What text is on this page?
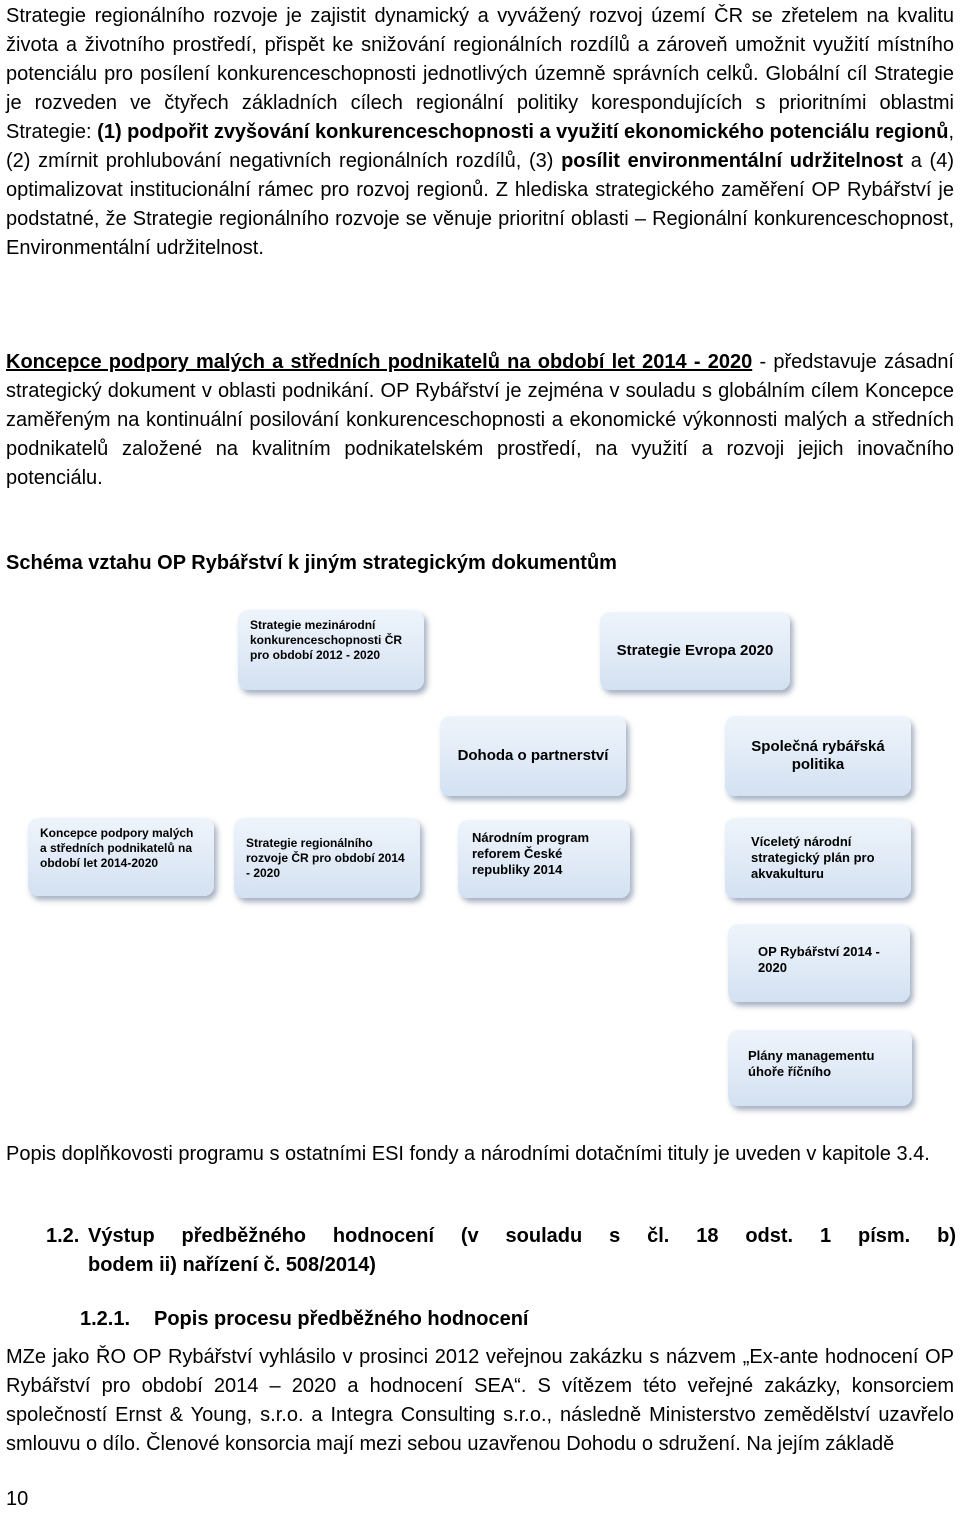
Strategie regionálního rozvoje je zajistit dynamický a vyvážený rozvoj území ČR se zřetelem na kvalitu života a životního prostředí, přispět ke snižování regionálních rozdílů a zároveň umožnit využití místního potenciálu pro posílení konkurenceschopnosti jednotlivých územně správních celků. Globální cíl Strategie je rozveden ve čtyřech základních cílech regionální politiky korespondujících s prioritními oblastmi Strategie: (1) podpořit zvyšování konkurenceschopnosti a využití ekonomického potenciálu regionů, (2) zmírnit prohlubování negativních regionálních rozdílů, (3) posílit environmentální udržitelnost a (4) optimalizovat institucionální rámec pro rozvoj regionů. Z hlediska strategického zaměření OP Rybářství je podstatné, že Strategie regionálního rozvoje se věnuje prioritní oblasti – Regionální konkurenceschopnost, Environmentální udržitelnost.

Koncepce podpory malých a středních podnikatelů na období let 2014 - 2020 - představuje zásadní strategický dokument v oblasti podnikání. OP Rybářství je zejména v souladu s globálním cílem Koncepce zaměřeným na kontinuální posilování konkurenceschopnosti a ekonomické výkonnosti malých a středních podnikatelů založené na kvalitním podnikatelském prostředí, na využití a rozvoji jejich inovačního potenciálu.

Schéma vztahu OP Rybářství k jiným strategickým dokumentům

Strategie mezinárodní konkurenceschopnosti ČR pro období 2012 - 2020	Strategie Evropa 2020
Dohoda o partnerství
Společná rybářská politika
Koncepce podpory malých a středních podnikatelů na období let 2014-2020
Strategie regionálního rozvoje ČR pro období 2014 - 2020
Národním program reforem České republiky 2014
Víceletý národní strategický plán pro akvakulturu
OP Rybářství 2014 - 2020
Plány managementu úhoře říčního

Popis doplňkovosti programu s ostatními ESI fondy a národními dotačními tituly je uveden v kapitole 3.4.

1.2. Výstup předběžného hodnocení (v souladu s čl. 18 odst. 1 písm. b)

bodem ii) nařízení č. 508/2014)

1.2.1. Popis procesu předběžného hodnocení

MZe jako ŘO OP Rybářství vyhlásilo v prosinci 2012 veřejnou zakázku s názvem „Ex-ante hodnocení OP Rybářství pro období 2014 – 2020 a hodnocení SEA“. S vítězem této veřejné zakázky, konsorciem společností Ernst & Young, s.r.o. a Integra Consulting s.r.o., následně Ministerstvo zemědělství uzavřelo smlouvu o dílo. Členové konsorcia mají mezi sebou uzavřenou Dohodu o sdružení. Na jejím základě

10
